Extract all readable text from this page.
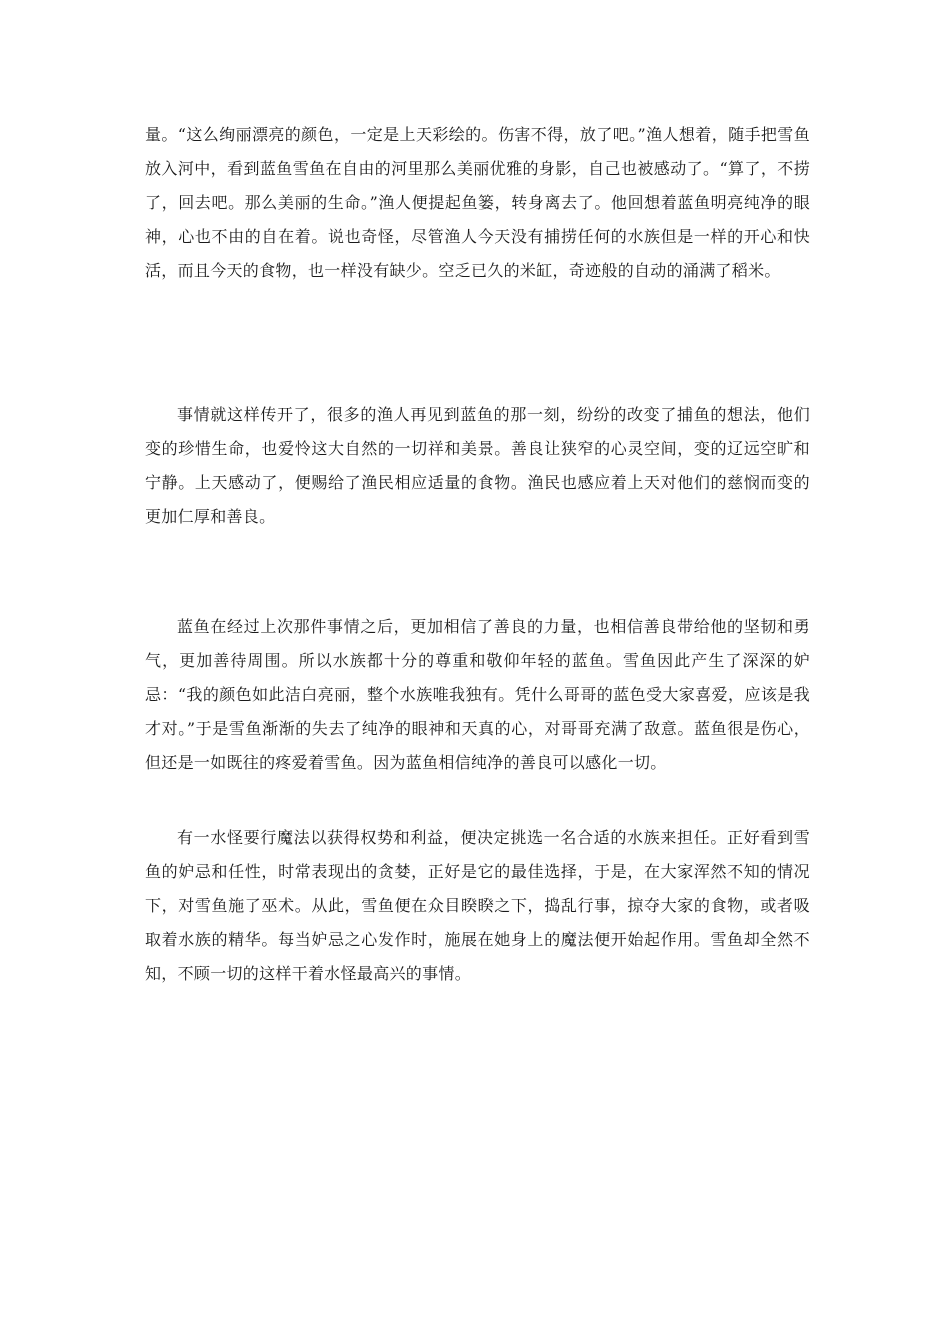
量。“这么绚丽漂亮的颜色，一定是上天彩绘的。伤害不得，放了吧。”渔人想着，随手把雪鱼放入河中，看到蓝鱼雪鱼在自由的河里那么美丽优雅的身影，自己也被感动了。“算了，不捞了，回去吧。那么美丽的生命。”渔人便提起鱼篓，转身离去了。他回想着蓝鱼明亮纯净的眼神，心也不由的自在着。说也奇怪，尽管渔人今天没有捕捞任何的水族但是一样的开心和快活，而且今天的食物，也一样没有缺少。空乏已久的米缸，奇迹般的自动的涌满了稻米。

事情就这样传开了，很多的渔人再见到蓝鱼的那一刻，纷纷的改变了捕鱼的想法，他们变的珍惜生命，也爱怜这大自然的一切祥和美景。善良让狭窄的心灵空间，变的辽远空旷和宁静。上天感动了，便赐给了渔民相应适量的食物。渔民也感应着上天对他们的慈悯而变的更加仁厚和善良。

蓝鱼在经过上次那件事情之后，更加相信了善良的力量，也相信善良带给他的坚韧和勇气，更加善待周围。所以水族都十分的尊重和敬仰年轻的蓝鱼。雪鱼因此产生了深深的妒忌：“我的颜色如此洁白亮丽，整个水族唯我独有。凭什么哥哥的蓝色受大家喜爱，应该是我才对。”于是雪鱼渐渐的失去了纯净的眼神和天真的心，对哥哥充满了敌意。蓝鱼很是伤心，但还是一如既往的疼爱着雪鱼。因为蓝鱼相信纯净的善良可以感化一切。

有一水怪要行魔法以获得权势和利益，便决定挑选一名合适的水族来担任。正好看到雪鱼的妒忌和任性，时常表现出的贪婪，正好是它的最佳选择，于是，在大家浑然不知的情况下，对雪鱼施了巫术。从此，雪鱼便在众目睽睽之下，捣乱行事，掠夺大家的食物，或者吸取着水族的精华。每当妒忌之心发作时，施展在她身上的魔法便开始起作用。雪鱼却全然不知，不顾一切的这样干着水怪最高兴的事情。
